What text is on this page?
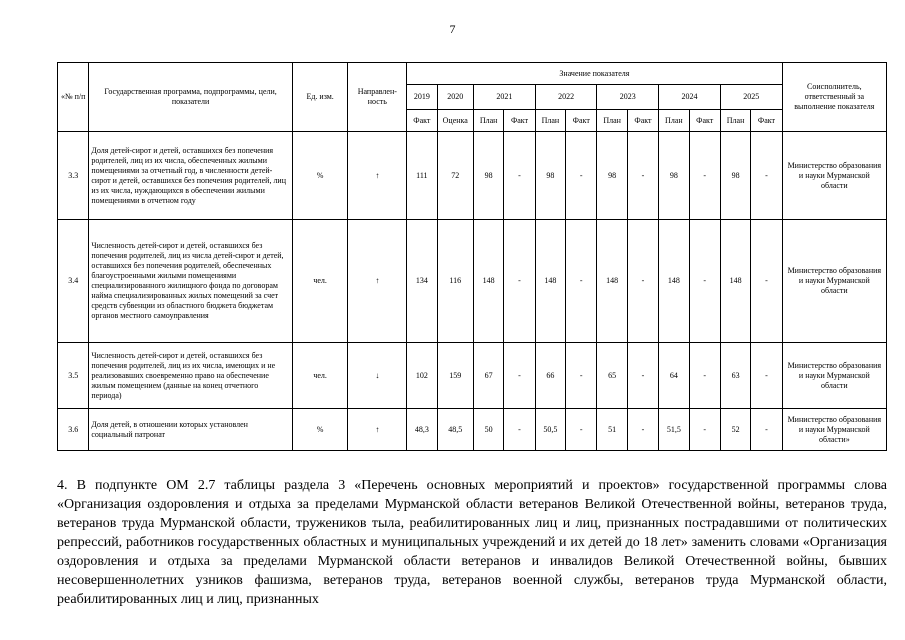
7
«№ п/п	Государственная программа, подпрограммы, цели, показатели	Ед. изм.	Направлен-ность	Значение показателя												Соисполнитель, ответственный за выполнение показателя
				2019	2020	2021		2022		2023		2024		2025		
				Факт	Оценка	План	Факт	План	Факт	План	Факт	План	Факт	План	Факт	
3.3	Доля детей-сирот и детей, оставшихся без попечения родителей, лиц из их числа, обеспеченных жилыми помещениями за отчетный год, в численности детей-сирот и детей, оставшихся без попечения родителей, лиц из их числа, нуждающихся в обеспечении жилыми помещениями в отчетном году	%	↑	111	72	98	-	98	-	98	-	98	-	98	-	Министерство образования и науки Мурманской области
3.4	Численность детей-сирот и детей, оставшихся без попечения родителей, лиц из числа детей-сирот и детей, оставшихся без попечения родителей, обеспеченных благоустроенными жилыми помещениями специализированного жилищного фонда по договорам найма специализированных жилых помещений за счет средств субвенции из областного бюджета бюджетам органов местного самоуправления	чел.	↑	134	116	148	-	148	-	148	-	148	-	148	-	Министерство образования и науки Мурманской области
3.5	Численность детей-сирот и детей, оставшихся без попечения родителей, лиц из их числа, имеющих и не реализовавших своевременно право на обеспечение жилым помещением (данные на конец отчетного периода)	чел.	↓	102	159	67	-	66	-	65	-	64	-	63	-	Министерство образования и науки Мурманской области
3.6	Доля детей, в отношении которых установлен социальный патронат	%	↑	48,3	48,5	50	-	50,5	-	51	-	51,5	-	52	-	Министерство образования и науки Мурманской области»
4. В подпункте ОМ 2.7 таблицы раздела 3 «Перечень основных мероприятий и проектов» государственной программы слова «Организация оздоровления и отдыха за пределами Мурманской области ветеранов Великой Отечественной войны, ветеранов труда, ветеранов труда Мурманской области, тружеников тыла, реабилитированных лиц и лиц, признанных пострадавшими от политических репрессий, работников государственных областных и муниципальных учреждений и их детей до 18 лет» заменить словами «Организация оздоровления и отдыха за пределами Мурманской области ветеранов и инвалидов Великой Отечественной войны, бывших несовершеннолетних узников фашизма, ветеранов труда, ветеранов военной службы, ветеранов труда Мурманской области, реабилитированных лиц и лиц, признанных
